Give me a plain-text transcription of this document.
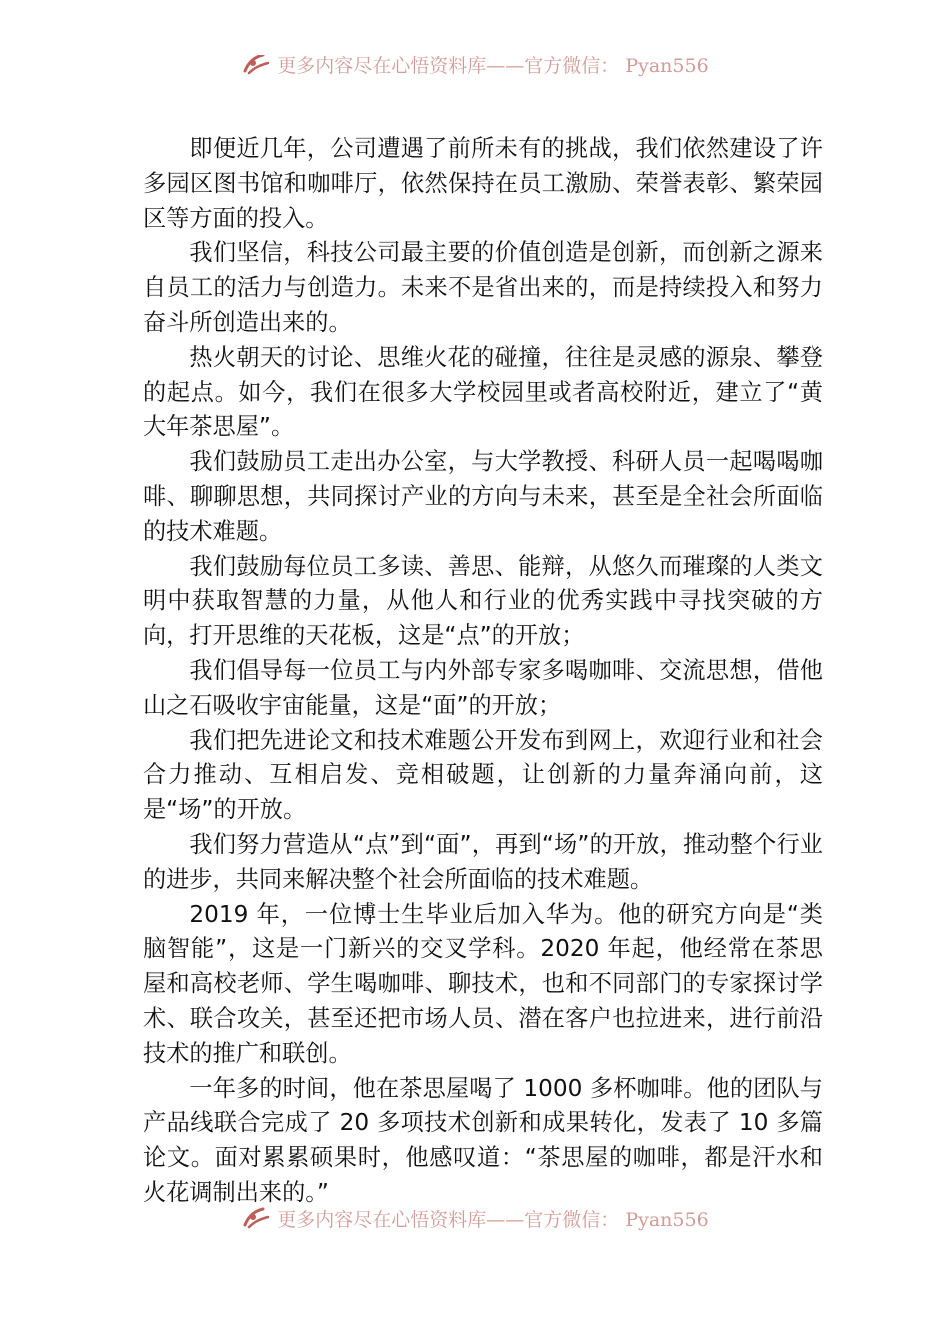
更多内容尽在心悟资料库——官方微信： Pyan556

即便近几年，公司遭遇了前所未有的挑战，我们依然建设了许多园区图书馆和咖啡厅，依然保持在员工激励、荣誉表彰、繁荣园区等方面的投入。

我们坚信，科技公司最主要的价值创造是创新，而创新之源来自员工的活力与创造力。未来不是省出来的，而是持续投入和努力奋斗所创造出来的。

热火朝天的讨论、思维火花的碰撞，往往是灵感的源泉、攀登的起点。如今，我们在很多大学校园里或者高校附近，建立了“黄大年茶思屋”。

我们鼓励员工走出办公室，与大学教授、科研人员一起喝喝咖啡、聊聊思想，共同探讨产业的方向与未来，甚至是全社会所面临的技术难题。

我们鼓励每位员工多读、善思、能辩，从悠久而璀璨的人类文明中获取智慧的力量，从他人和行业的优秀实践中寻找突破的方向，打开思维的天花板，这是“点”的开放；

我们倡导每一位员工与内外部专家多喝咖啡、交流思想，借他山之石吸收宇宙能量，这是“面”的开放；

我们把先进论文和技术难题公开发布到网上，欢迎行业和社会合力推动、互相启发、竞相破题，让创新的力量奔涌向前，这是“场”的开放。

我们努力营造从“点”到“面”，再到“场”的开放，推动整个行业的进步，共同来解决整个社会所面临的技术难题。

2019 年，一位博士生毕业后加入华为。他的研究方向是“类脑智能”，这是一门新兴的交叉学科。2020 年起，他经常在茶思屋和高校老师、学生喝咖啡、聊技术，也和不同部门的专家探讨学术、联合攻关，甚至还把市场人员、潜在客户也拉进来，进行前沿技术的推广和联创。

一年多的时间，他在茶思屋喝了 1000 多杯咖啡。他的团队与产品线联合完成了 20 多项技术创新和成果转化，发表了 10 多篇论文。面对累累硕果时，他感叹道：“茶思屋的咖啡，都是汗水和火花调制出来的。”

更多内容尽在心悟资料库——官方微信： Pyan556
